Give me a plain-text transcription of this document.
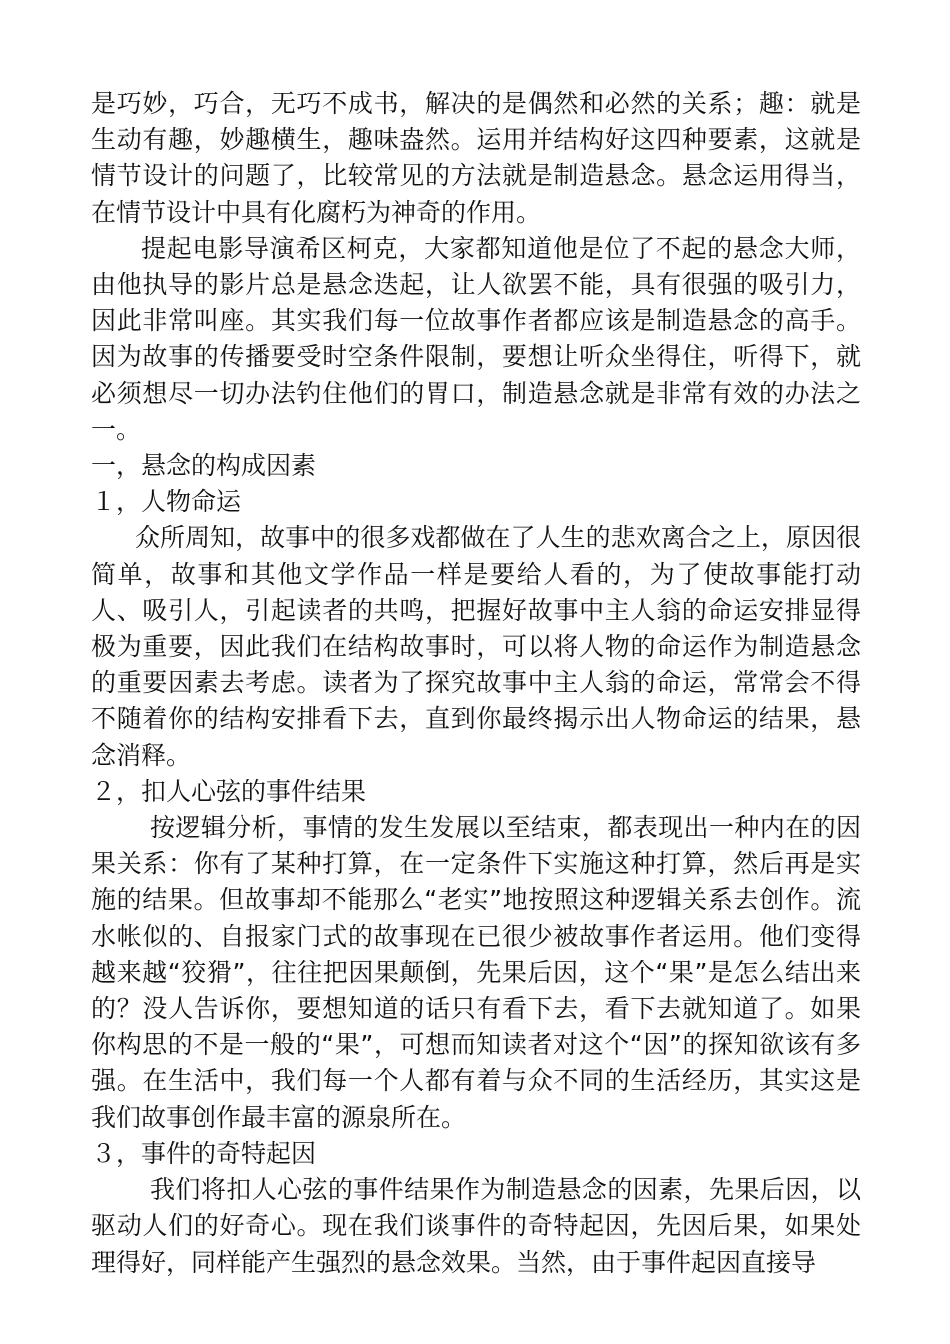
是巧妙，巧合，无巧不成书，解决的是偶然和必然的关系；趣：就是生动有趣，妙趣横生，趣味盎然。运用并结构好这四种要素，这就是情节设计的问题了，比较常见的方法就是制造悬念。悬念运用得当，在情节设计中具有化腐朽为神奇的作用。

提起电影导演希区柯克，大家都知道他是位了不起的悬念大师，由他执导的影片总是悬念迭起，让人欲罢不能，具有很强的吸引力，因此非常叫座。其实我们每一位故事作者都应该是制造悬念的高手。因为故事的传播要受时空条件限制，要想让听众坐得住，听得下，就必须想尽一切办法钓住他们的胃口，制造悬念就是非常有效的办法之一。

一，悬念的构成因素

１，人物命运

众所周知，故事中的很多戏都做在了人生的悲欢离合之上，原因很简单，故事和其他文学作品一样是要给人看的，为了使故事能打动人、吸引人，引起读者的共鸣，把握好故事中主人翁的命运安排显得极为重要，因此我们在结构故事时，可以将人物的命运作为制造悬念的重要因素去考虑。读者为了探究故事中主人翁的命运，常常会不得不随着你的结构安排看下去，直到你最终揭示出人物命运的结果，悬念消释。

２，扣人心弦的事件结果

按逻辑分析，事情的发生发展以至结束，都表现出一种内在的因果关系：你有了某种打算，在一定条件下实施这种打算，然后再是实施的结果。但故事却不能那么“老实”地按照这种逻辑关系去创作。流水帐似的、自报家门式的故事现在已很少被故事作者运用。他们变得越来越“狡猾”，往往把因果颠倒，先果后因，这个“果”是怎么结出来的？没人告诉你，要想知道的话只有看下去，看下去就知道了。如果你构思的不是一般的“果”，可想而知读者对这个“因”的探知欲该有多强。在生活中，我们每一个人都有着与众不同的生活经历，其实这是我们故事创作最丰富的源泉所在。

３，事件的奇特起因

我们将扣人心弦的事件结果作为制造悬念的因素，先果后因，以驱动人们的好奇心。现在我们谈事件的奇特起因，先因后果，如果处理得好，同样能产生强烈的悬念效果。当然，由于事件起因直接导
